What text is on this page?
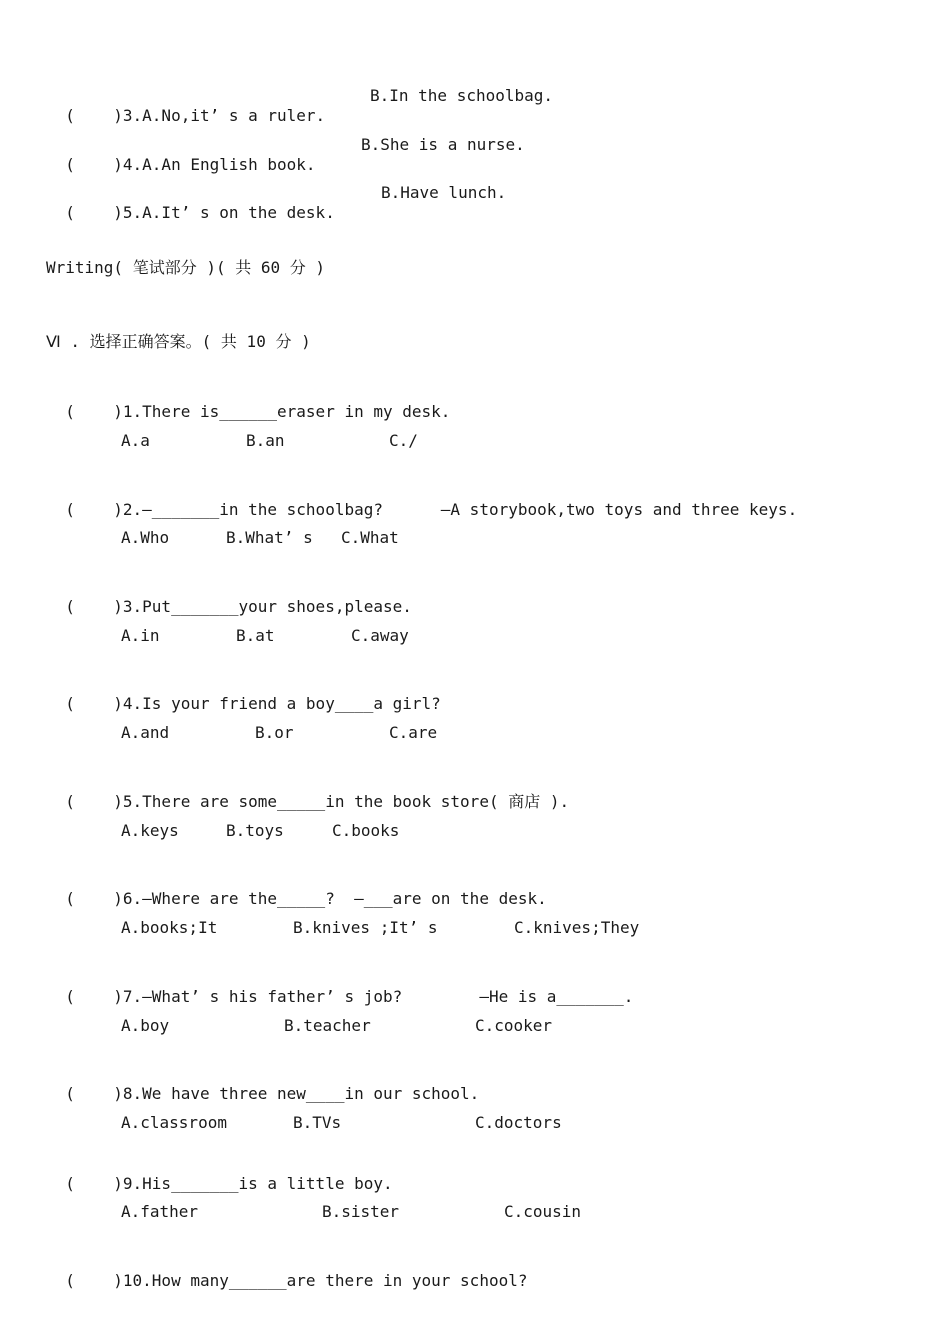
( )3.A.No,it’ s a ruler.

B.In the schoolbag.

( )4.A.An English book.

B.She is a nurse.

( )5.A.It’ s on the desk.

B.Have lunch.
Writing( 笔试部分 )( 共 60 分 )
Ⅵ . 选择正确答案。( 共 10 分 )

( )1.There is______eraser in my desk.

A.a	B.an	C./

( )2.—_______in the schoolbag?      —A storybook,two toys and three keys.

A.Who	B.What’ s C.What

( )3.Put_______your shoes,please.

A.in	B.at	C.away

( )4.Is your friend a boy____a girl?

A.and	B.or	C.are

( )5.There are some_____in the book store( 商店 ).

A.keys	B.toys	C.books

( )6.—Where are the_____?  —___are on the desk.

A.books;It	B.knives ;It’ s	C.knives;They

( )7.—What’ s his father’ s job?        —He is a_______.

A.boy	B.teacher	C.cooker

( )8.We have three new____in our school.

A.classroom	B.TVs	C.doctors

( )9.His_______is a little boy.

A.father	B.sister	C.cousin

( )10.How many______are there in your school?
